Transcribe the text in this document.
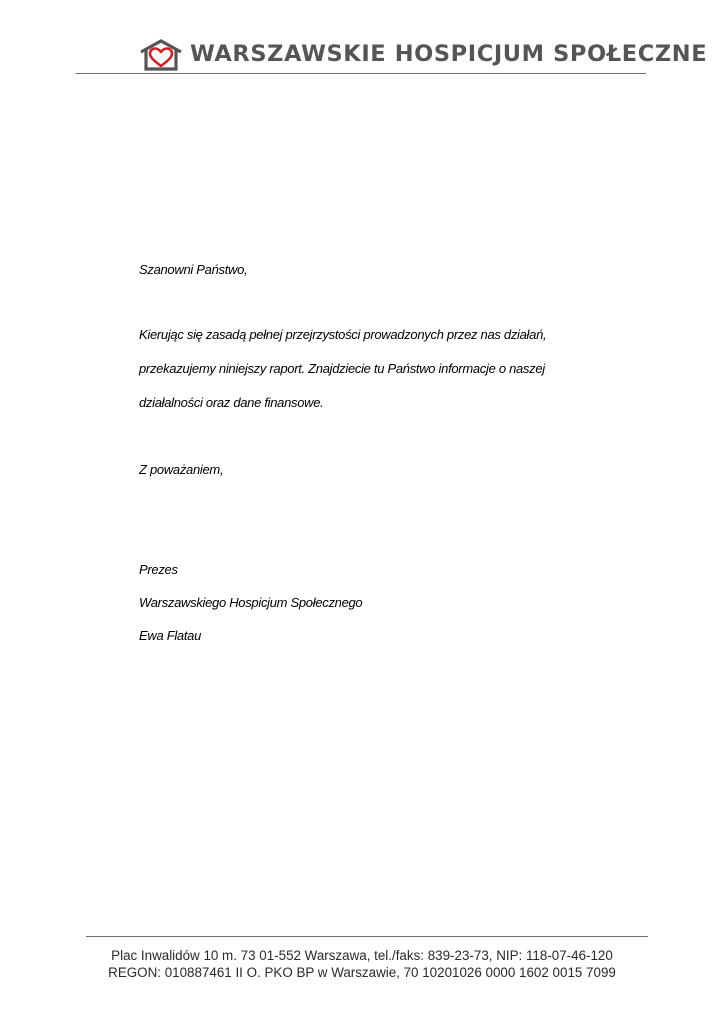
WARSZAWSKIE HOSPICJUM SPOŁECZNE
Szanowni Państwo,
Kierując się zasadą pełnej przejrzystości prowadzonych przez nas działań,
przekazujemy niniejszy raport. Znajdziecie tu Państwo informacje o naszej
działalności oraz dane finansowe.
Z poważaniem,
Prezes
Warszawskiego Hospicjum Społecznego
Ewa Flatau
Plac Inwalidów 10 m. 73 01-552 Warszawa, tel./faks: 839-23-73, NIP: 118-07-46-120
REGON: 010887461 II O. PKO BP w Warszawie, 70 10201026 0000 1602 0015 7099
